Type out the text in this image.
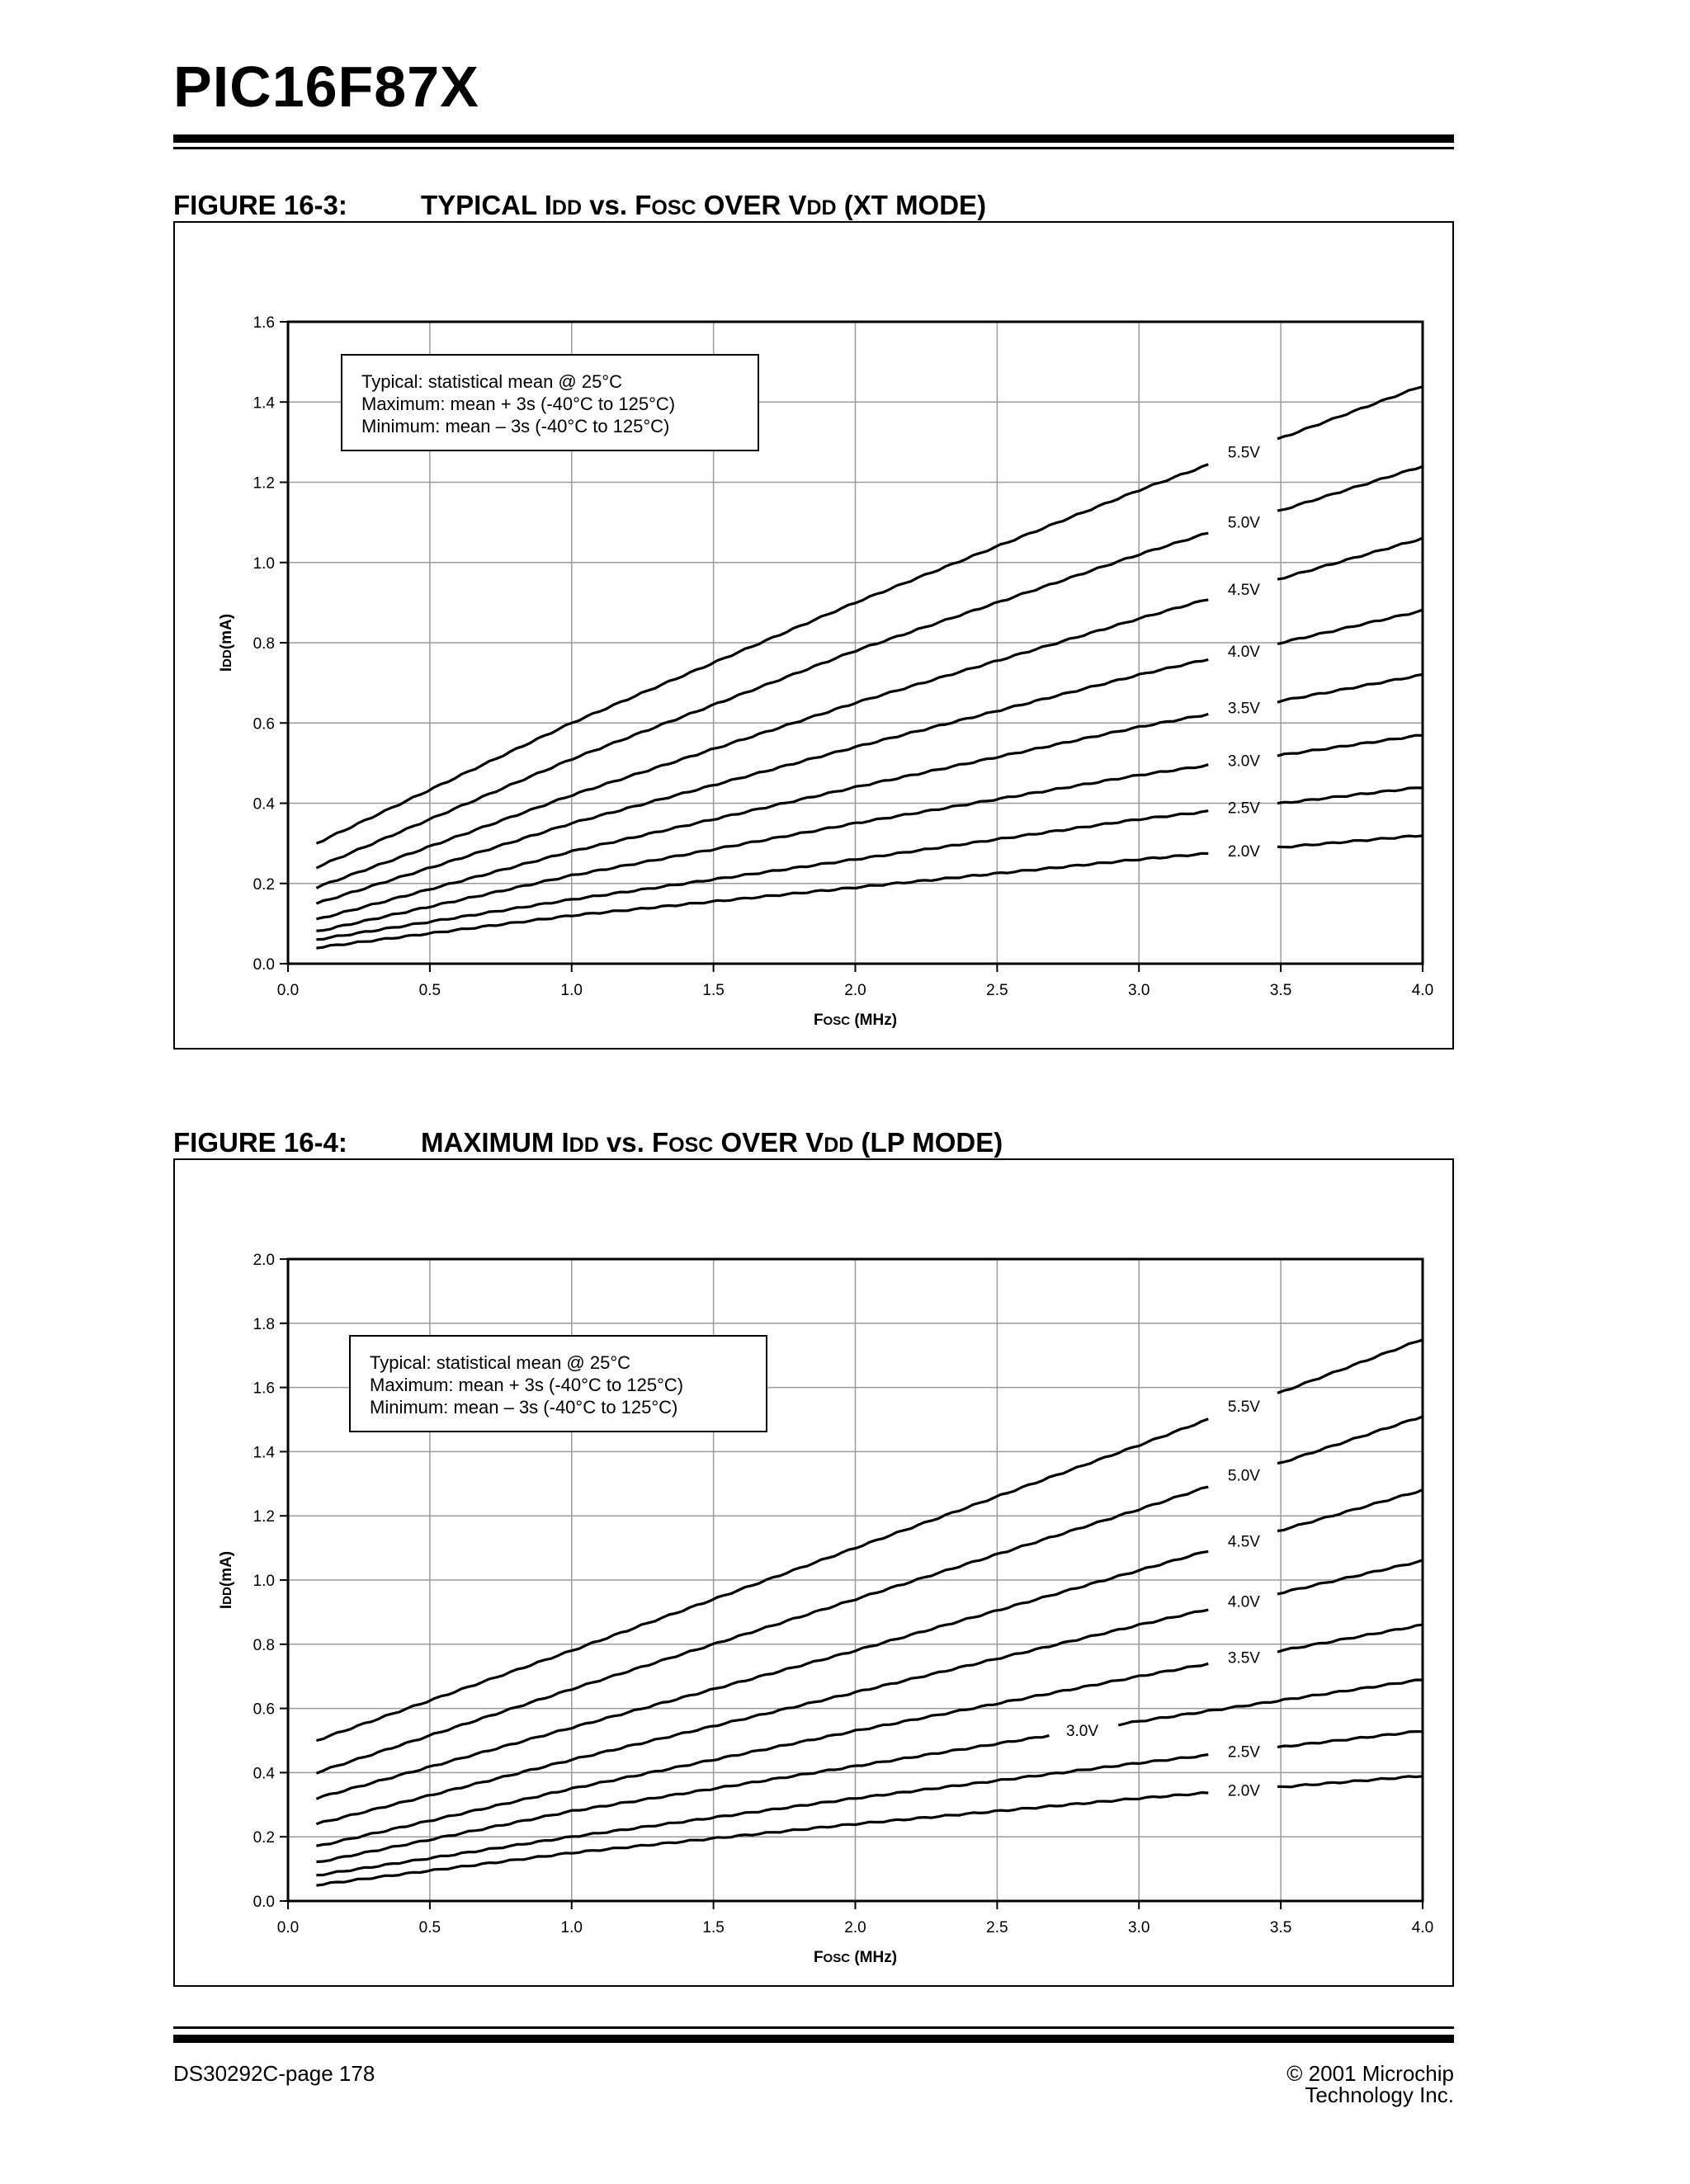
PIC16F87X
FIGURE 16-3:	TYPICAL IDD vs. FOSC OVER VDD (XT MODE)
0.0	0.5	1.0	1.5	2.0	2.5	3.0	3.5	4.0
0.0
0.2
0.4
0.6
0.8
1.0
1.2
1.4
1.6
FOSC (MHz)
IDD(mA)
Typical: statistical mean @ 25°C
Maximum: mean + 3s (-40°C to 125°C)
Minimum: mean – 3s (-40°C to 125°C)
5.5V
5.0V
4.5V
4.0V
3.5V
3.0V
2.5V
2.0V
FIGURE 16-4:	MAXIMUM IDD vs. FOSC OVER VDD (LP MODE)
0.0	0.5	1.0	1.5	2.0	2.5	3.0	3.5	4.0
0.0
0.2
0.4
0.6
0.8
1.0
1.2
1.4
1.6
1.8
2.0
FOSC (MHz)
IDD(mA)
Typical: statistical mean @ 25°C
Maximum: mean + 3s (-40°C to 125°C)
Minimum: mean – 3s (-40°C to 125°C)	5.5V
5.0V
4.5V
4.0V
3.5V
3.0V
2.5V
2.0V
DS30292C-page 178	© 2001 Microchip Technology Inc.
